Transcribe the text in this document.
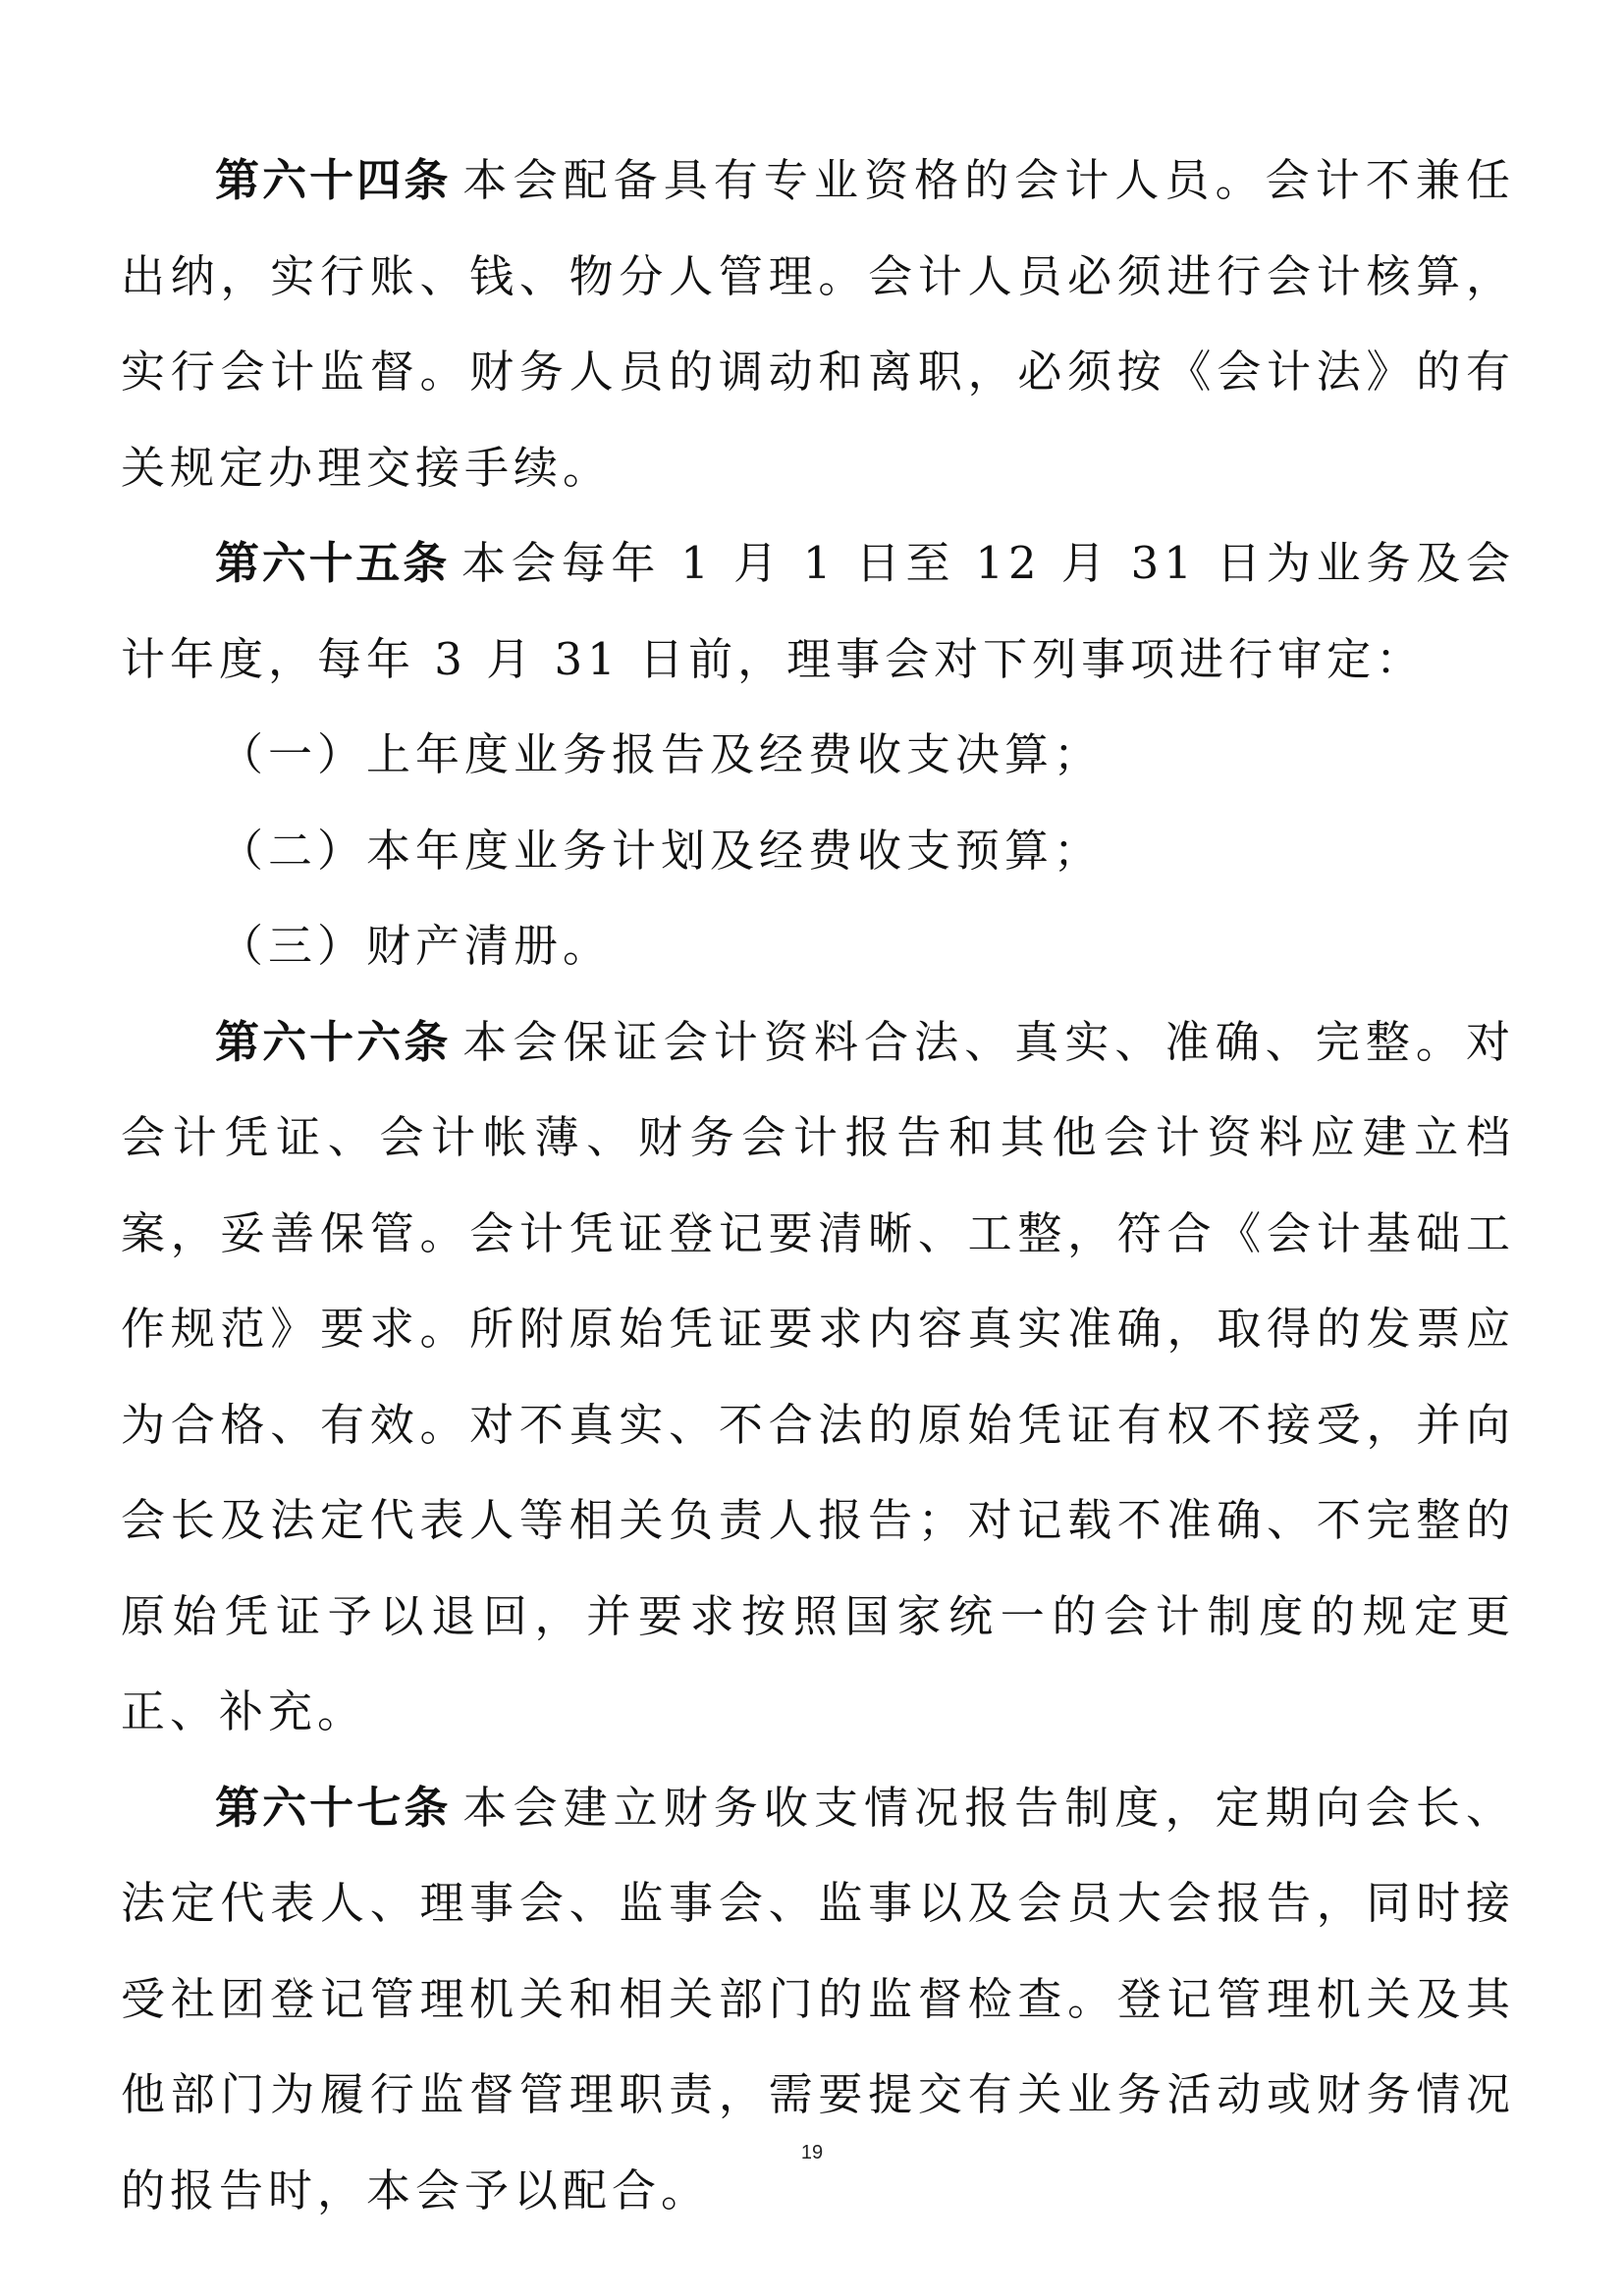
第六十四条 本会配备具有专业资格的会计人员。会计不兼任出纳，实行账、钱、物分人管理。会计人员必须进行会计核算，实行会计监督。财务人员的调动和离职，必须按《会计法》的有关规定办理交接手续。

第六十五条 本会每年 1 月 1 日至 12 月 31 日为业务及会计年度，每年 3 月 31 日前，理事会对下列事项进行审定：

（一）上年度业务报告及经费收支决算；

（二）本年度业务计划及经费收支预算；

（三）财产清册。

第六十六条 本会保证会计资料合法、真实、准确、完整。对会计凭证、会计帐薄、财务会计报告和其他会计资料应建立档案，妥善保管。会计凭证登记要清晰、工整，符合《会计基础工作规范》要求。所附原始凭证要求内容真实准确，取得的发票应为合格、有效。对不真实、不合法的原始凭证有权不接受，并向会长及法定代表人等相关负责人报告；对记载不准确、不完整的原始凭证予以退回，并要求按照国家统一的会计制度的规定更正、补充。

第六十七条 本会建立财务收支情况报告制度，定期向会长、法定代表人、理事会、监事会、监事以及会员大会报告，同时接受社团登记管理机关和相关部门的监督检查。登记管理机关及其他部门为履行监督管理职责，需要提交有关业务活动或财务情况的报告时，本会予以配合。

19
